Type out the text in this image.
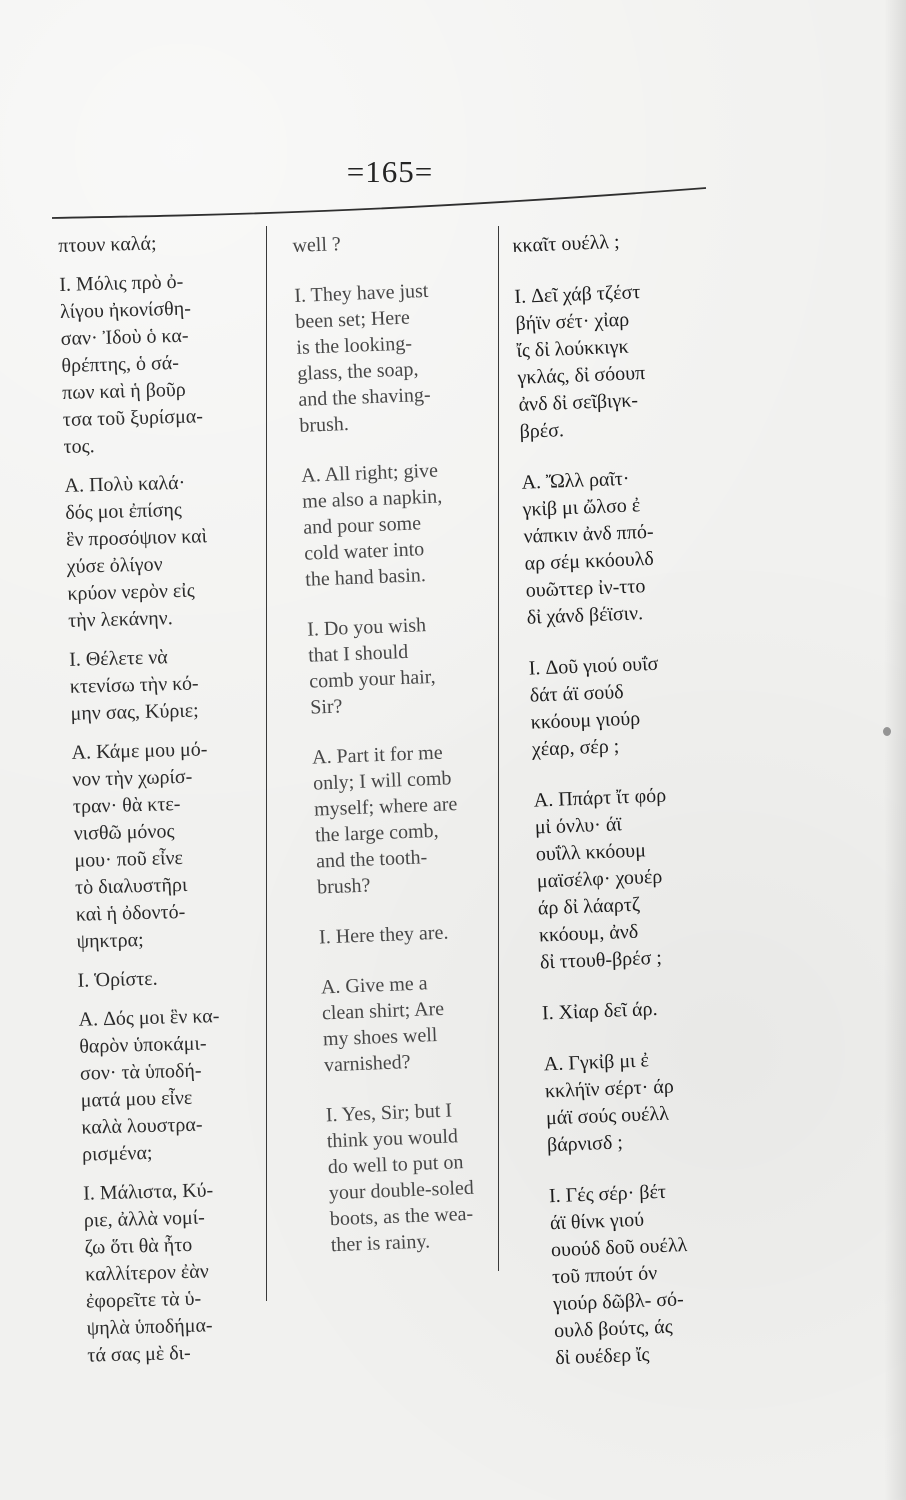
=165=

πτουν καλά;

I. Μόλις πρὸ ὀ-
λίγου ἠκονίσθη-
σαν· Ἰδοὺ ὁ κα-
θρέπτης, ὁ σά-
πων καὶ ἡ βοῦρ
τσα τοῦ ξυρίσμα-
τος.

A. Πολὺ καλά·
δός μοι ἐπίσης
ἓν προσόψιον καὶ
χύσε ὀλίγον
κρύον νερὸν εἰς
τὴν λεκάνην.

I. Θέλετε νὰ
κτενίσω τὴν κό-
μην σας, Κύριε;

A. Κάμε μου μό-
νον τὴν χωρίσ-
τραν· θὰ κτε-
νισθῶ μόνος
μου· ποῦ εἶνε
τὸ διαλυστῆρι
καὶ ἡ ὀδοντό-
ψηκτρα;

I. Ὁρίστε.

A. Δός μοι ἓν κα-
θαρὸν ὑποκάμι-
σον· τὰ ὑποδή-
ματά μου εἶνε
καλὰ λουστρα-
ρισμένα;

I. Μάλιστα, Κύ-
ριε, ἀλλὰ νομί-
ζω ὅτι θὰ ἦτο
καλλίτερον ἐὰν
ἐφορεῖτε τὰ ὑ-
ψηλὰ ὑποδήμα-
τά σας μὲ δι-

well ?

I. They have just
been set; Here
is the looking-
glass, the soap,
and the shaving-
brush.

A. All right; give
me also a napkin,
and pour some
cold water into
the hand basin.

I. Do you wish
that I should
comb your hair,
Sir?

A. Part it for me
only; I will comb
myself; where are
the large comb,
and the tooth-
brush?

I. Here they are.

A. Give me a
clean shirt; Are
my shoes well
varnished?

I. Yes, Sir; but I
think you would
do well to put on
your double-soled
boots, as the wea-
ther is rainy.

κκαῖτ ουέλλ ;

I. Δεῖ χάβ τζέστ
βήϊν σέτ· χἰαρ
ἴς δἰ λούκκιγκ
γκλάς, δἰ σόουπ
ἀνδ δἰ σεῖβιγκ-
βρέσ.

A. Ὤλλ ραῖτ·
γκἰβ μι ὤλσο ἐ
νάπκιν ἀνδ ππό-
αρ σέμ κκόουλδ
ουῶττερ ἰν-ττο
δἰ χάνδ βέϊσιν.

I. Δοῦ γιού ουΐσ
δάτ άϊ σούδ
κκόουμ γιούρ
χέαρ, σέρ ;

A. Ππάρτ ἴτ φόρ
μἰ όνλυ· άϊ
ουΐλλ κκόουμ
μαϊσέλφ· χουέρ
άρ δἰ λάαρτζ
κκόουμ, ἀνδ
δἰ ττουθ-βρέσ ;

I. Χἰαρ δεῖ άρ.

A. Γγκἰβ μι ἐ
κκλήϊν σέρτ· άρ
μάϊ σούς ουέλλ
βάρνισδ ;

I. Γές σέρ· βέτ
άϊ θίνκ γιού
ουούδ δοῦ ουέλλ
τοῦ ππούτ όν
γιούρ δῶβλ- σό-
ουλδ βούτς, άς
δἰ ουέδερ ἴς
